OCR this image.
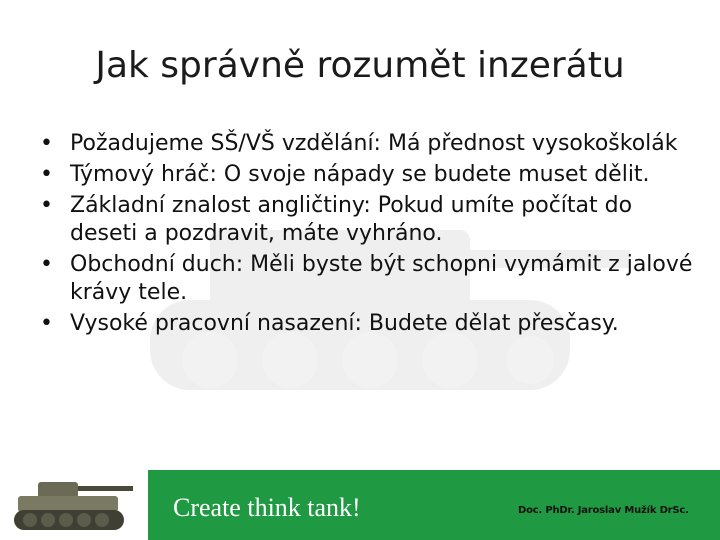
Jak správně rozumět inzerátu
• Požadujeme SŠ/VŠ vzdělání: Má přednost vysokoškolák
• Týmový hráč: O svoje nápady se budete muset dělit.
• Základní znalost angličtiny: Pokud umíte počítat do deseti a pozdravit, máte vyhráno.
• Obchodní duch: Měli byste být schopni vymámit z jalové krávy tele.
• Vysoké pracovní nasazení: Budete dělat přesčasy.
Create think tank!	Doc. PhDr. Jaroslav Mužík DrSc.
